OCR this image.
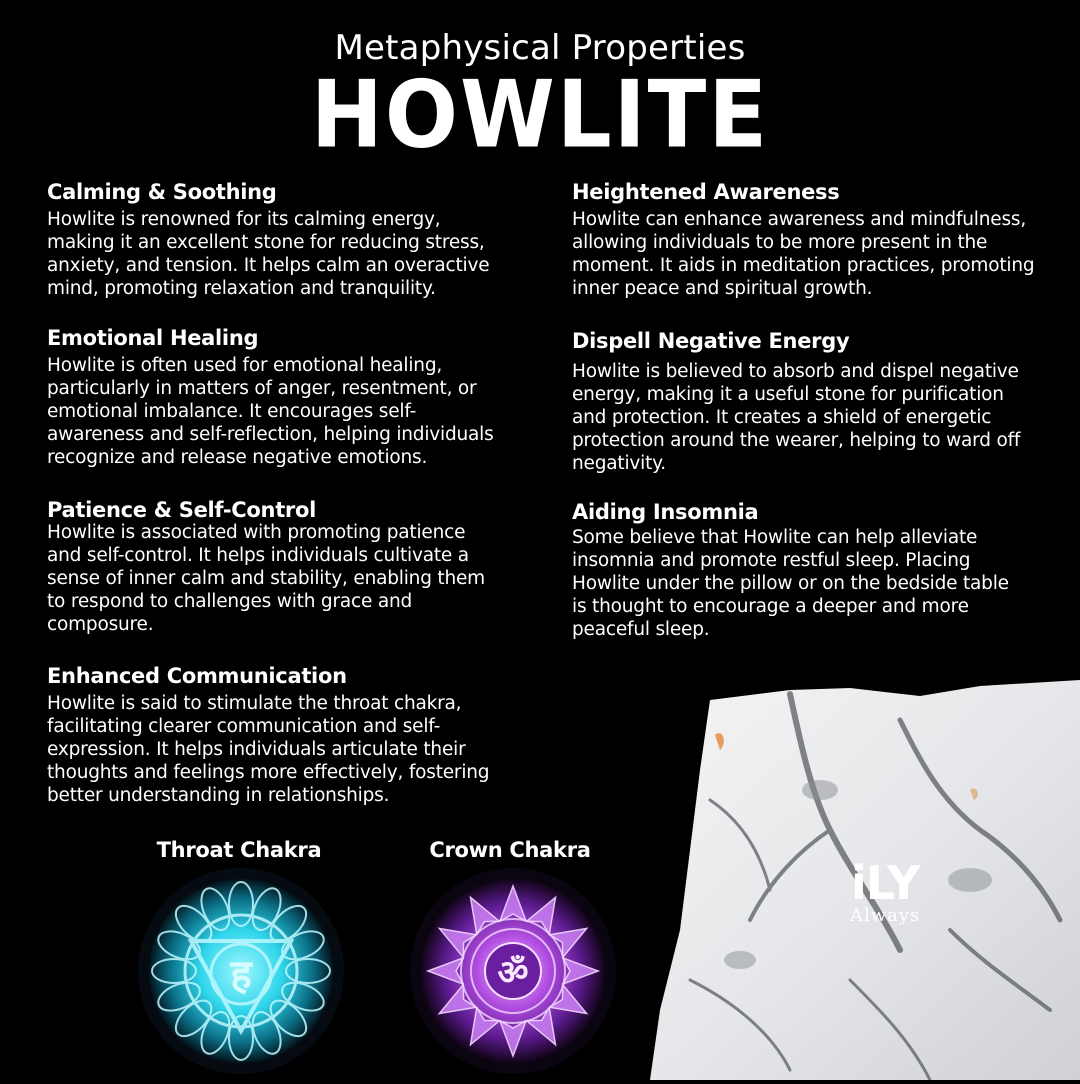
Metaphysical Properties
HOWLITE
Calming & Soothing
Howlite is renowned for its calming energy,
making it an excellent stone for reducing stress,
anxiety, and tension. It helps calm an overactive
mind, promoting relaxation and tranquility.
Emotional Healing
Howlite is often used for emotional healing,
particularly in matters of anger, resentment, or
emotional imbalance. It encourages self-
awareness and self-reflection, helping individuals
recognize and release negative emotions.
Patience & Self-Control
Howlite is associated with promoting patience
and self-control. It helps individuals cultivate a
sense of inner calm and stability, enabling them
to respond to challenges with grace and
composure.
Enhanced Communication
Howlite is said to stimulate the throat chakra,
facilitating clearer communication and self-
expression. It helps individuals articulate their
thoughts and feelings more effectively, fostering
better understanding in relationships.
Heightened Awareness
Howlite can enhance awareness and mindfulness,
allowing individuals to be more present in the
moment. It aids in meditation practices, promoting
inner peace and spiritual growth.
Dispell Negative Energy
Howlite is believed to absorb and dispel negative
energy, making it a useful stone for purification
and protection. It creates a shield of energetic
protection around the wearer, helping to ward off
negativity.
Aiding Insomnia
Some believe that Howlite can help alleviate
insomnia and promote restful sleep. Placing
Howlite under the pillow or on the bedside table
is thought to encourage a deeper and more
peaceful sleep.
Throat Chakra
ह
Crown Chakra
ॐ
iLY
Always
